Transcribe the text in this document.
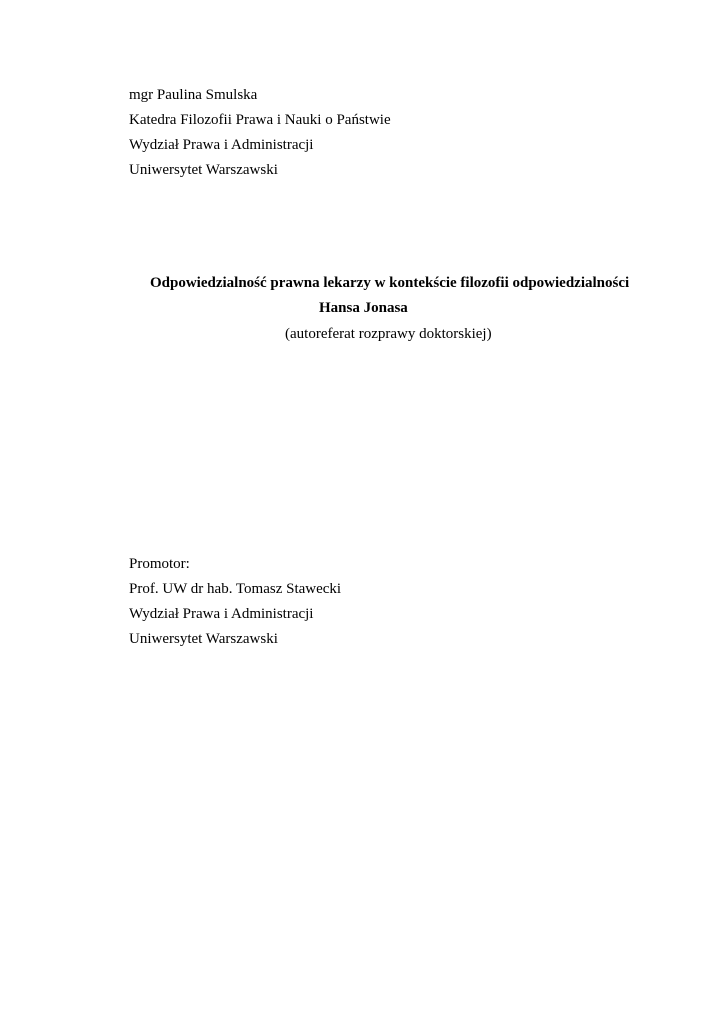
mgr Paulina Smulska
Katedra Filozofii Prawa i Nauki o Państwie
Wydział Prawa i Administracji
Uniwersytet Warszawski
Odpowiedzialność prawna lekarzy w kontekście filozofii odpowiedzialności
Hansa Jonasa
(autoreferat rozprawy doktorskiej)
Promotor:
Prof. UW dr hab. Tomasz Stawecki
Wydział Prawa i Administracji
Uniwersytet Warszawski
